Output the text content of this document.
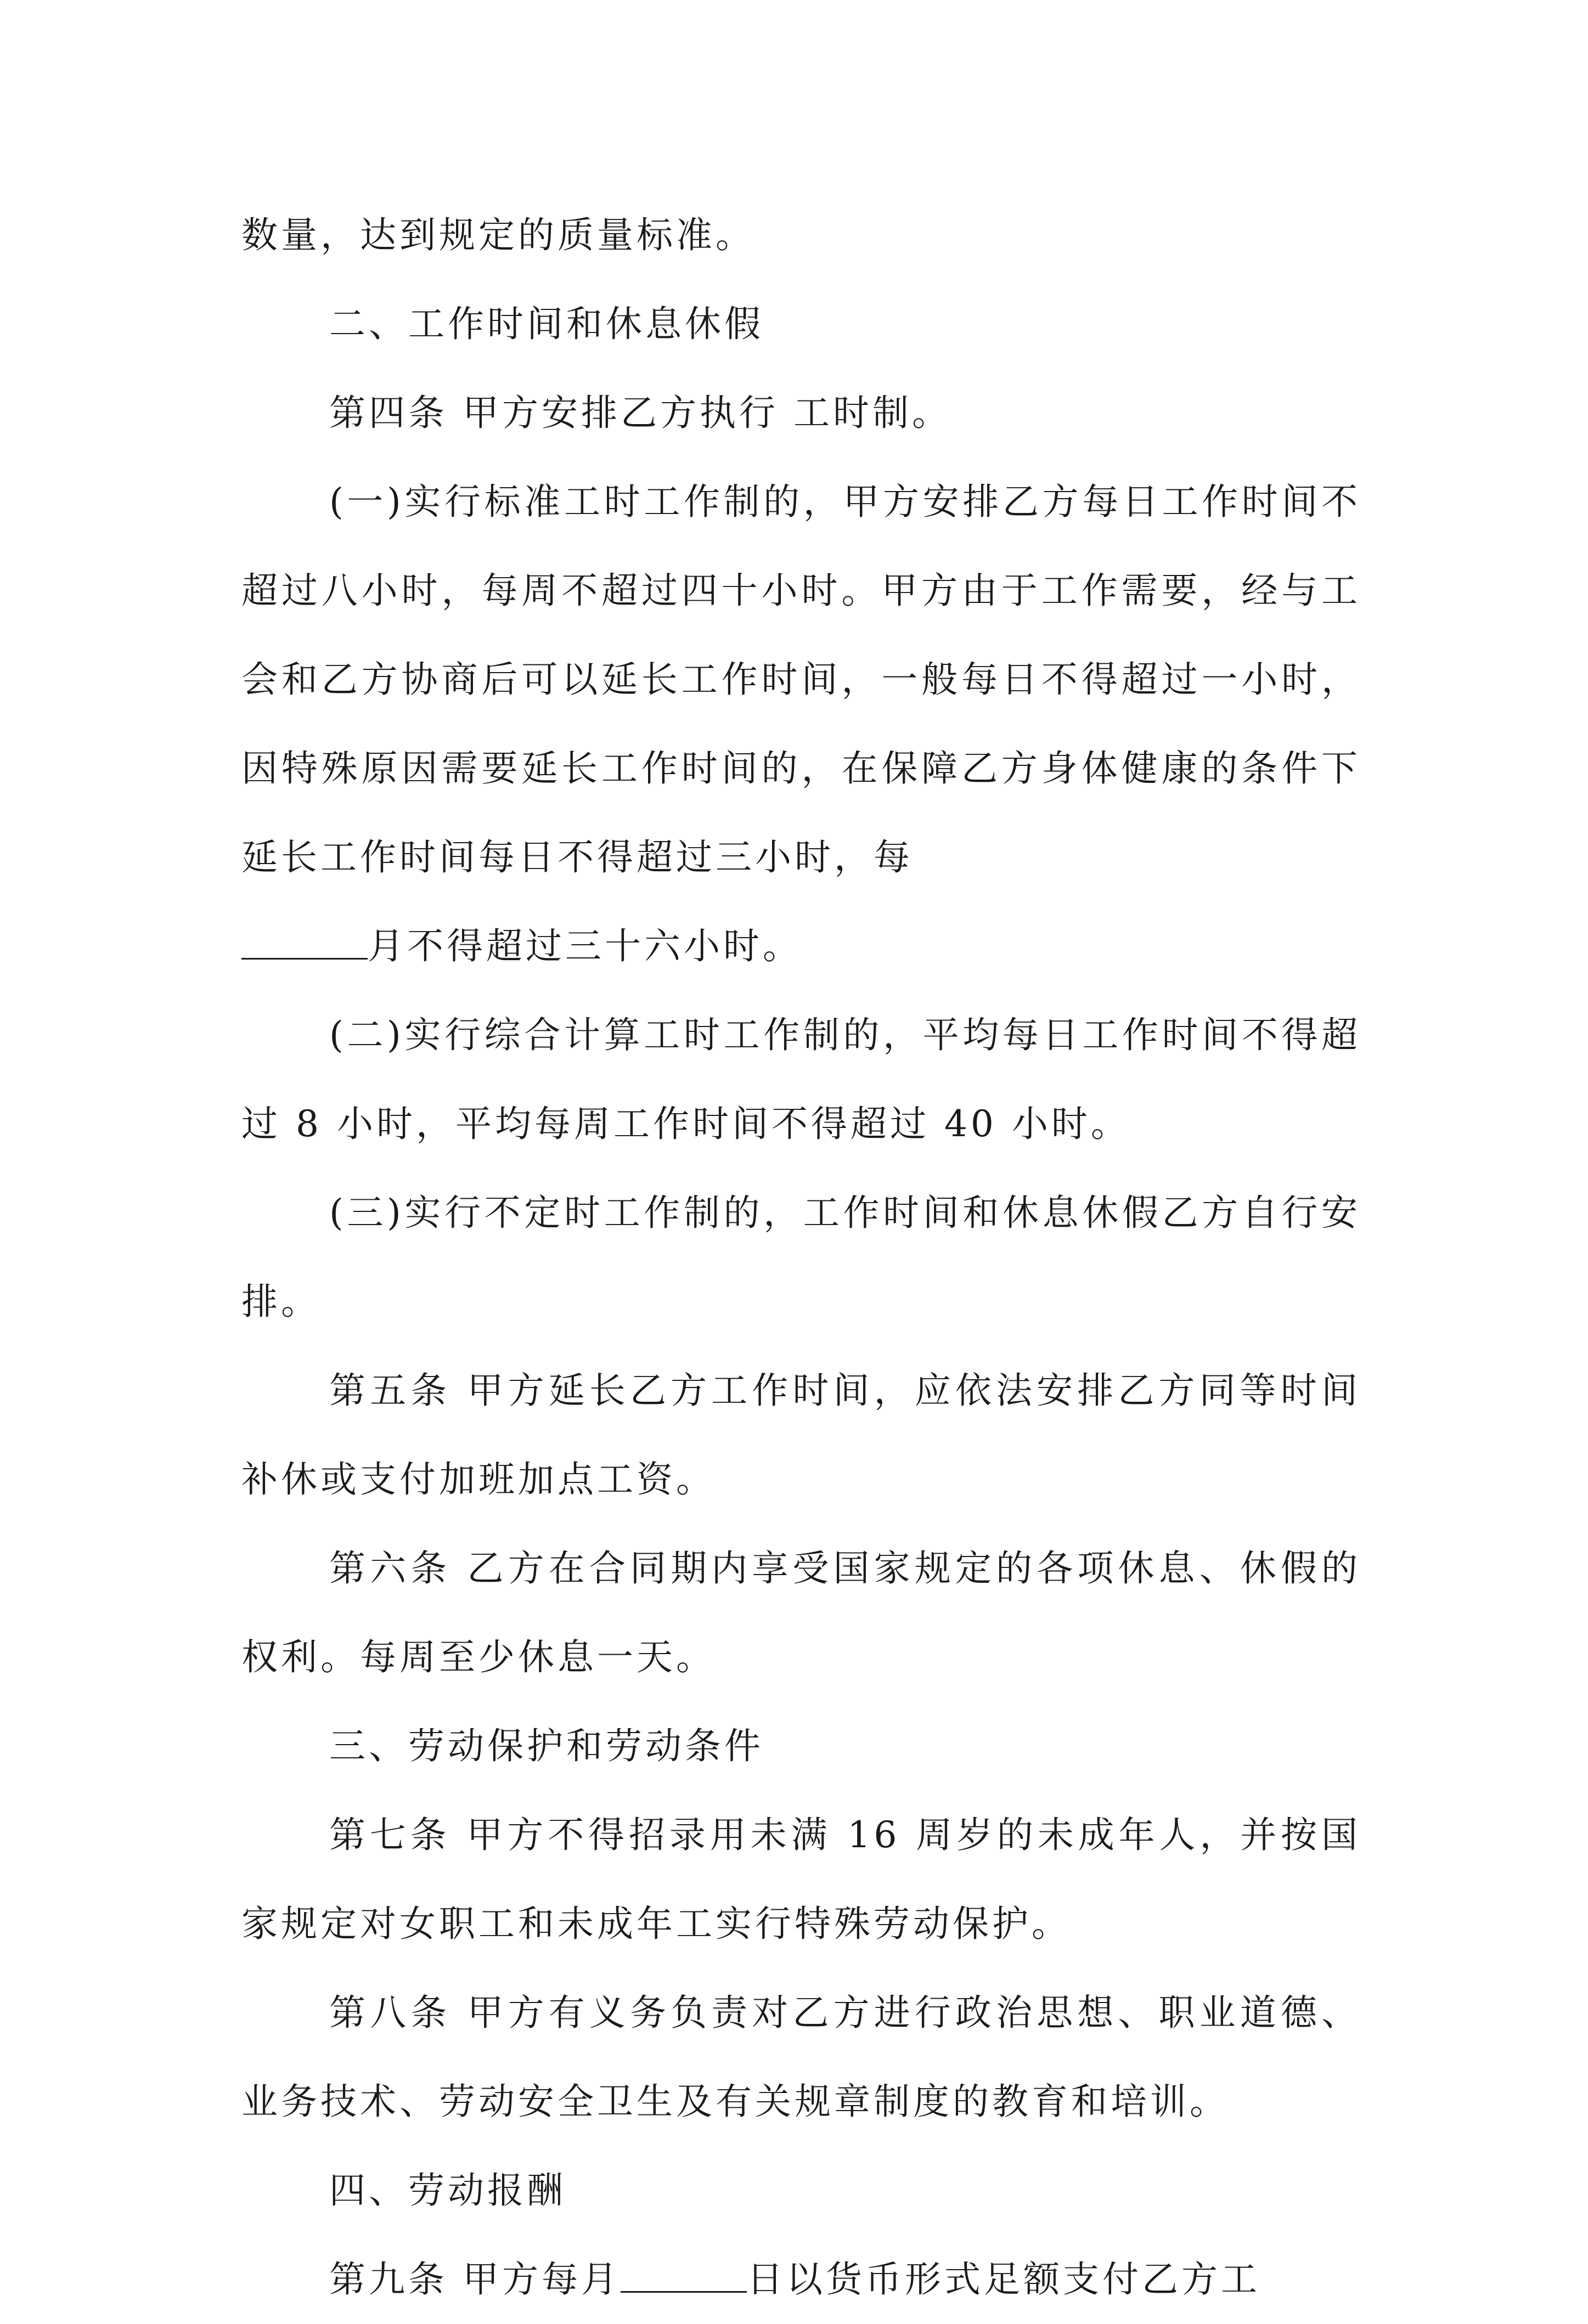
数量，达到规定的质量标准。

二、工作时间和休息休假

第四条 甲方安排乙方执行 工时制。

(一)实行标准工时工作制的，甲方安排乙方每日工作时间不超过八小时，每周不超过四十小时。甲方由于工作需要，经与工会和乙方协商后可以延长工作时间，一般每日不得超过一小时，因特殊原因需要延长工作时间的，在保障乙方身体健康的条件下延长工作时间每日不得超过三小时，每

月不得超过三十六小时。

(二)实行综合计算工时工作制的，平均每日工作时间不得超过 8 小时，平均每周工作时间不得超过 40 小时。

(三)实行不定时工作制的，工作时间和休息休假乙方自行安排。

第五条 甲方延长乙方工作时间，应依法安排乙方同等时间补休或支付加班加点工资。

第六条 乙方在合同期内享受国家规定的各项休息、休假的权利。每周至少休息一天。

三、劳动保护和劳动条件

第七条 甲方不得招录用未满 16 周岁的未成年人，并按国家规定对女职工和未成年工实行特殊劳动保护。

第八条 甲方有义务负责对乙方进行政治思想、职业道德、业务技术、劳动安全卫生及有关规章制度的教育和培训。

四、劳动报酬

第九条 甲方每月	日以货币形式足额支付乙方工
